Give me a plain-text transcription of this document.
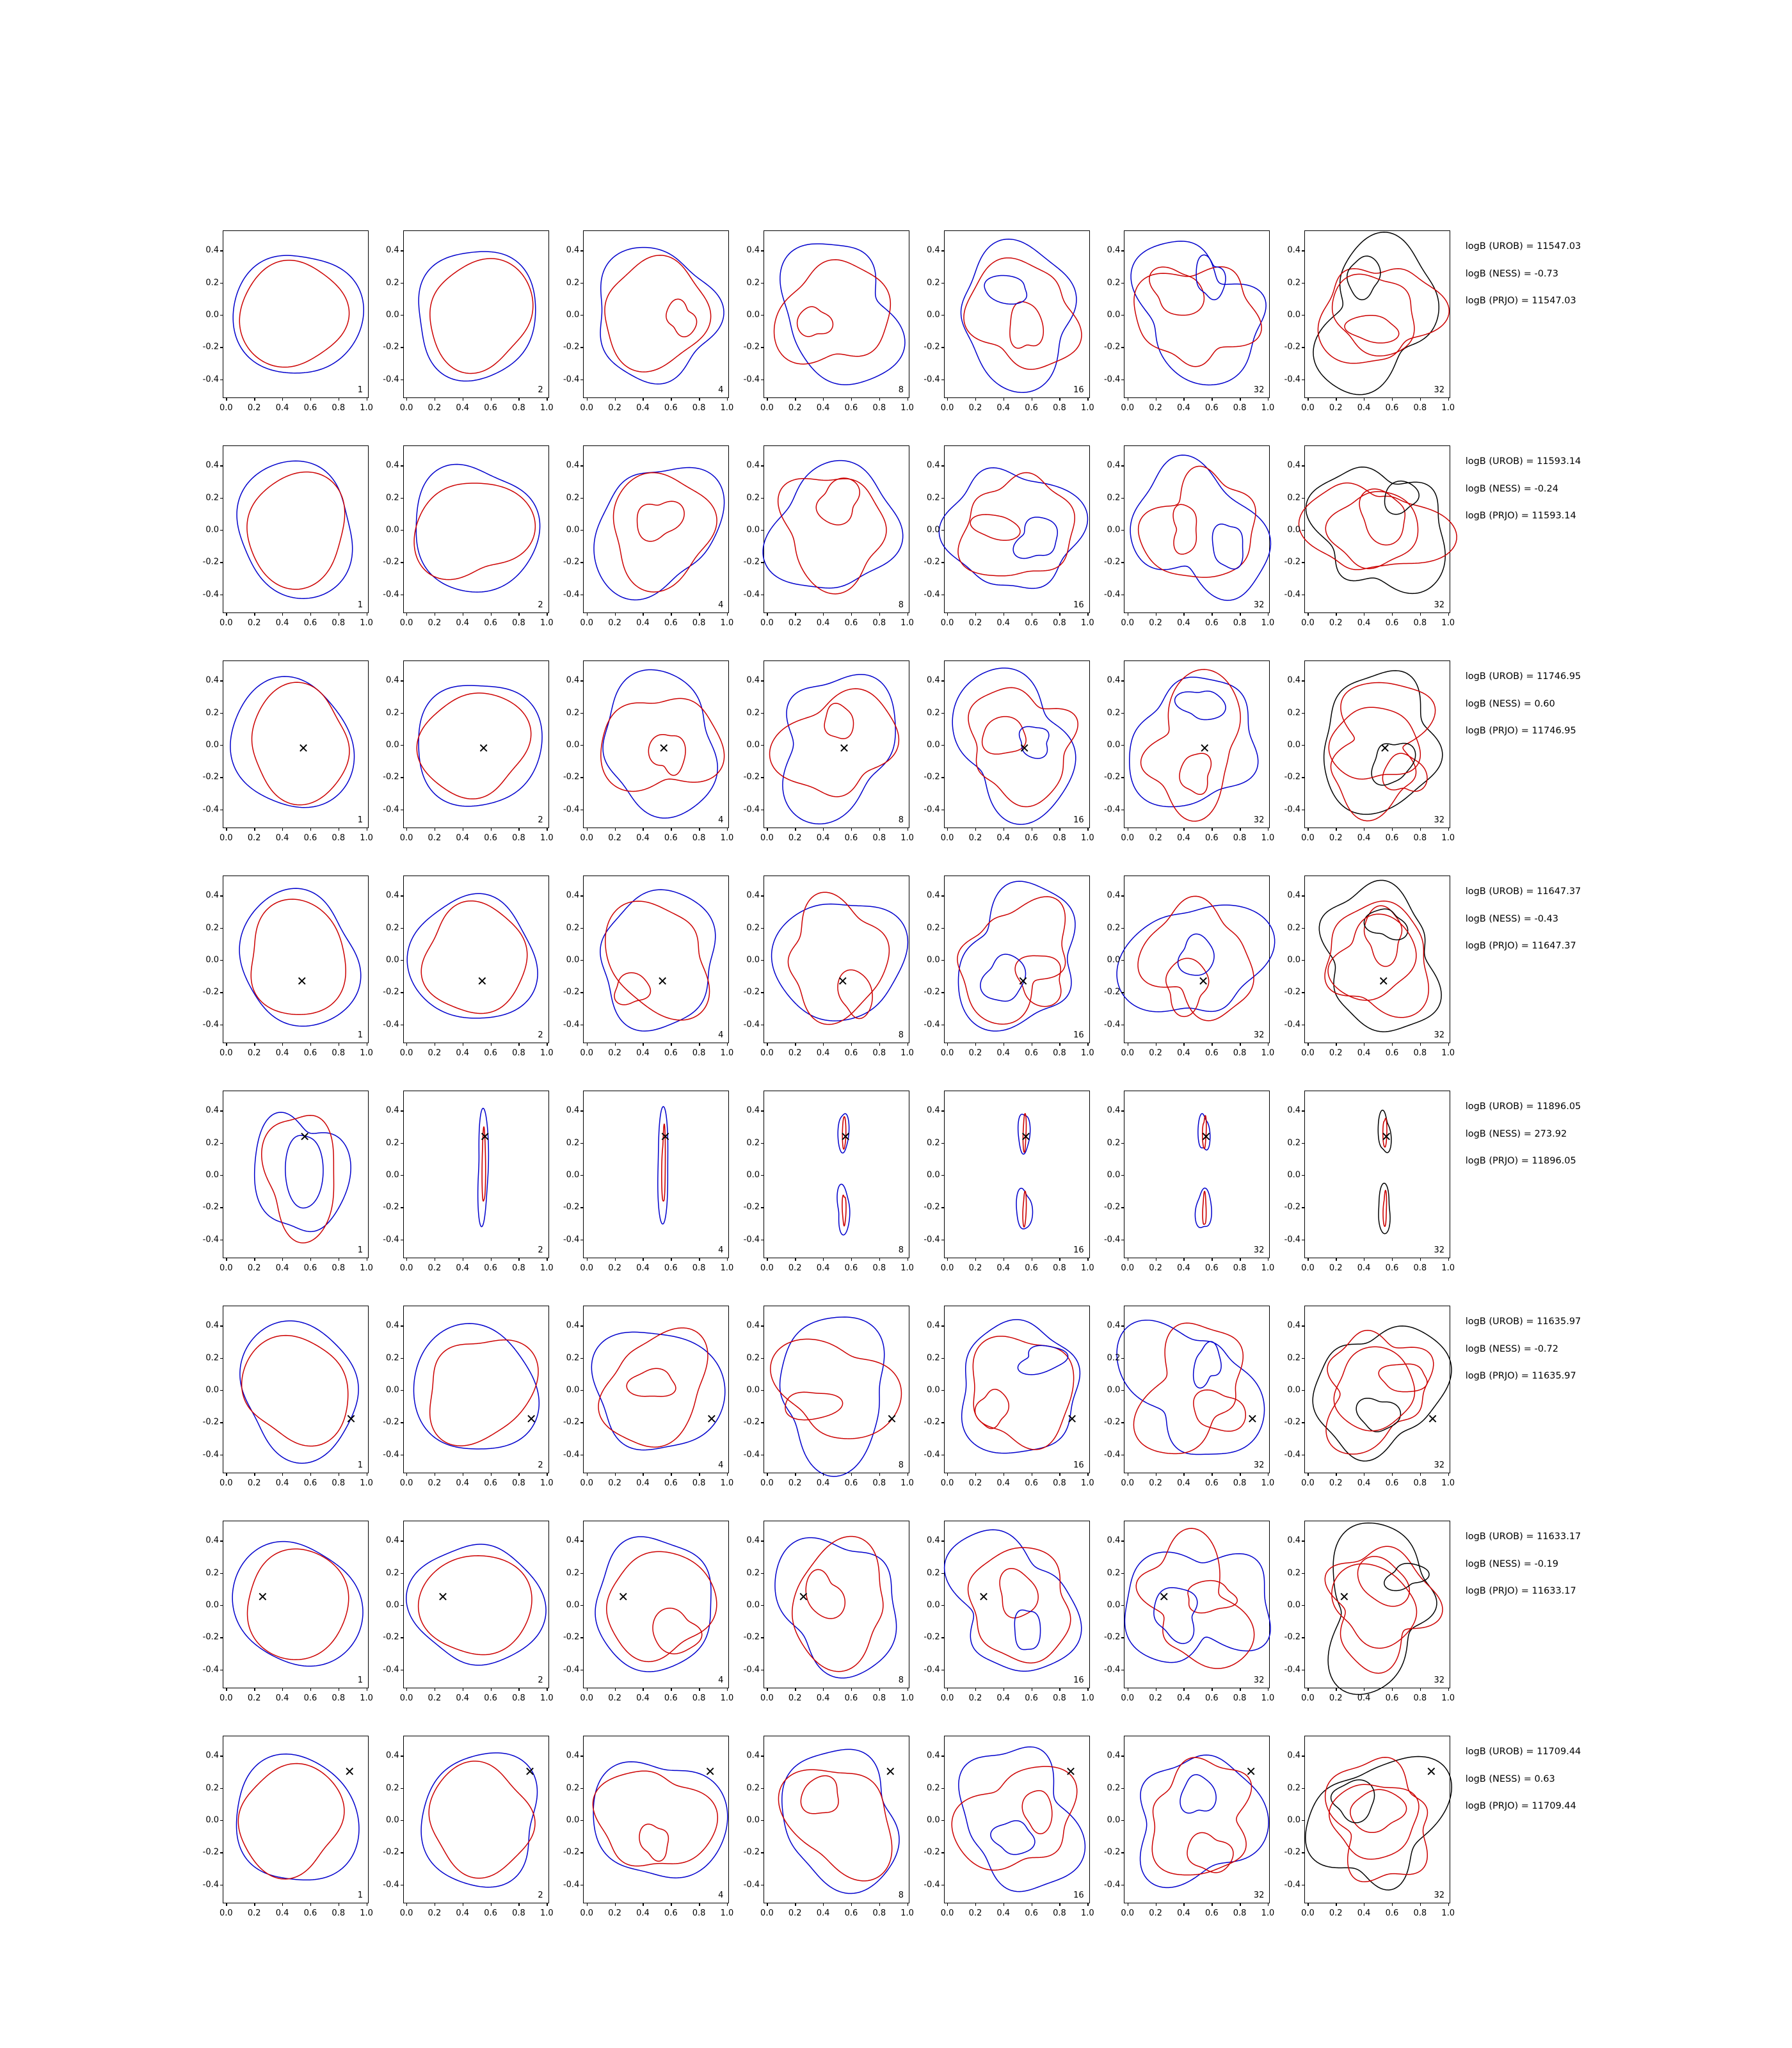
-0.4
-0.2
0.0
0.2
0.4
0.0 0.2 0.4 0.6 0.8 1.0
1
-0.4
-0.2
0.0
0.2
0.4
0.0 0.2 0.4 0.6 0.8 1.0
2
-0.4
-0.2
0.0
0.2
0.4
0.0 0.2 0.4 0.6 0.8 1.0
4
-0.4
-0.2
0.0
0.2
0.4
0.0 0.2 0.4 0.6 0.8 1.0
8
-0.4
-0.2
0.0
0.2
0.4
0.0 0.2 0.4 0.6 0.8 1.0
16
-0.4
-0.2
0.0
0.2
0.4
0.0 0.2 0.4 0.6 0.8 1.0
32
-0.4
-0.2
0.0
0.2
0.4
0.0 0.2 0.4 0.6 0.8 1.0
32
logB (UROB) = 11547.03
logB (NESS) = -0.73
logB (PRJO) = 11547.03
-0.4
-0.2
0.0
0.2
0.4
0.0 0.2 0.4 0.6 0.8 1.0
1
-0.4
-0.2
0.0
0.2
0.4
0.0 0.2 0.4 0.6 0.8 1.0
2
-0.4
-0.2
0.0
0.2
0.4
0.0 0.2 0.4 0.6 0.8 1.0
4
-0.4
-0.2
0.0
0.2
0.4
0.0 0.2 0.4 0.6 0.8 1.0
8
-0.4
-0.2
0.0
0.2
0.4
0.0 0.2 0.4 0.6 0.8 1.0
16
-0.4
-0.2
0.0
0.2
0.4
0.0 0.2 0.4 0.6 0.8 1.0
32
-0.4
-0.2
0.0
0.2
0.4
0.0 0.2 0.4 0.6 0.8 1.0
32
logB (UROB) = 11593.14
logB (NESS) = -0.24
logB (PRJO) = 11593.14
-0.4
-0.2
0.0
0.2
0.4
0.0 0.2 0.4 0.6 0.8 1.0
1
✕
-0.4
-0.2
0.0
0.2
0.4
0.0 0.2 0.4 0.6 0.8 1.0
2
✕
-0.4
-0.2
0.0
0.2
0.4
0.0 0.2 0.4 0.6 0.8 1.0
4
✕
-0.4
-0.2
0.0
0.2
0.4
0.0 0.2 0.4 0.6 0.8 1.0
8
✕
-0.4
-0.2
0.0
0.2
0.4
0.0 0.2 0.4 0.6 0.8 1.0
16
✕
-0.4
-0.2
0.0
0.2
0.4
0.0 0.2 0.4 0.6 0.8 1.0
32
✕
-0.4
-0.2
0.0
0.2
0.4
0.0 0.2 0.4 0.6 0.8 1.0
32
✕
logB (UROB) = 11746.95
logB (NESS) = 0.60
logB (PRJO) = 11746.95
-0.4
-0.2
0.0
0.2
0.4
0.0 0.2 0.4 0.6 0.8 1.0
1
✕
-0.4
-0.2
0.0
0.2
0.4
0.0 0.2 0.4 0.6 0.8 1.0
2
✕
-0.4
-0.2
0.0
0.2
0.4
0.0 0.2 0.4 0.6 0.8 1.0
4
✕
-0.4
-0.2
0.0
0.2
0.4
0.0 0.2 0.4 0.6 0.8 1.0
8
✕
-0.4
-0.2
0.0
0.2
0.4
0.0 0.2 0.4 0.6 0.8 1.0
16
✕
-0.4
-0.2
0.0
0.2
0.4
0.0 0.2 0.4 0.6 0.8 1.0
32
✕
-0.4
-0.2
0.0
0.2
0.4
0.0 0.2 0.4 0.6 0.8 1.0
32
✕
logB (UROB) = 11647.37
logB (NESS) = -0.43
logB (PRJO) = 11647.37
-0.4
-0.2
0.0
0.2
0.4
0.0 0.2 0.4 0.6 0.8 1.0
1
✕
-0.4
-0.2
0.0
0.2
0.4
0.0 0.2 0.4 0.6 0.8 1.0
2
✕
-0.4
-0.2
0.0
0.2
0.4
0.0 0.2 0.4 0.6 0.8 1.0
4
✕
-0.4
-0.2
0.0
0.2
0.4
0.0 0.2 0.4 0.6 0.8 1.0
8
✕
-0.4
-0.2
0.0
0.2
0.4
0.0 0.2 0.4 0.6 0.8 1.0
16
✕
-0.4
-0.2
0.0
0.2
0.4
0.0 0.2 0.4 0.6 0.8 1.0
32
✕
-0.4
-0.2
0.0
0.2
0.4
0.0 0.2 0.4 0.6 0.8 1.0
32
✕
logB (UROB) = 11896.05
logB (NESS) = 273.92
logB (PRJO) = 11896.05
-0.4
-0.2
0.0
0.2
0.4
0.0 0.2 0.4 0.6 0.8 1.0
1
✕
-0.4
-0.2
0.0
0.2
0.4
0.0 0.2 0.4 0.6 0.8 1.0
2
✕
-0.4
-0.2
0.0
0.2
0.4
0.0 0.2 0.4 0.6 0.8 1.0
4
✕
-0.4
-0.2
0.0
0.2
0.4
0.0 0.2 0.4 0.6 0.8 1.0
8
✕
-0.4
-0.2
0.0
0.2
0.4
0.0 0.2 0.4 0.6 0.8 1.0
16
✕
-0.4
-0.2
0.0
0.2
0.4
0.0 0.2 0.4 0.6 0.8 1.0
32
✕
-0.4
-0.2
0.0
0.2
0.4
0.0 0.2 0.4 0.6 0.8 1.0
32
✕
logB (UROB) = 11635.97
logB (NESS) = -0.72
logB (PRJO) = 11635.97
-0.4
-0.2
0.0
0.2
0.4
0.0 0.2 0.4 0.6 0.8 1.0
1
✕
-0.4
-0.2
0.0
0.2
0.4
0.0 0.2 0.4 0.6 0.8 1.0
2
✕
-0.4
-0.2
0.0
0.2
0.4
0.0 0.2 0.4 0.6 0.8 1.0
4
✕
-0.4
-0.2
0.0
0.2
0.4
0.0 0.2 0.4 0.6 0.8 1.0
8
✕
-0.4
-0.2
0.0
0.2
0.4
0.0 0.2 0.4 0.6 0.8 1.0
16
✕
-0.4
-0.2
0.0
0.2
0.4
0.0 0.2 0.4 0.6 0.8 1.0
32
✕
-0.4
-0.2
0.0
0.2
0.4
0.0 0.2 0.4 0.6 0.8 1.0
32
✕
logB (UROB) = 11633.17
logB (NESS) = -0.19
logB (PRJO) = 11633.17
-0.4
-0.2
0.0
0.2
0.4
0.0 0.2 0.4 0.6 0.8 1.0
1
✕
-0.4
-0.2
0.0
0.2
0.4
0.0 0.2 0.4 0.6 0.8 1.0
2
✕
-0.4
-0.2
0.0
0.2
0.4
0.0 0.2 0.4 0.6 0.8 1.0
4
✕
-0.4
-0.2
0.0
0.2
0.4
0.0 0.2 0.4 0.6 0.8 1.0
8
✕
-0.4
-0.2
0.0
0.2
0.4
0.0 0.2 0.4 0.6 0.8 1.0
16
✕
-0.4
-0.2
0.0
0.2
0.4
0.0 0.2 0.4 0.6 0.8 1.0
32
✕
-0.4
-0.2
0.0
0.2
0.4
0.0 0.2 0.4 0.6 0.8 1.0
32
✕
logB (UROB) = 11709.44
logB (NESS) = 0.63
logB (PRJO) = 11709.44
